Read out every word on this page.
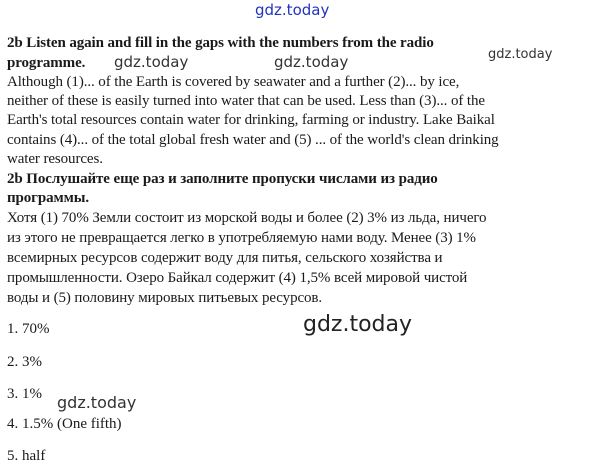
gdz.today
2b Listen again and fill in the gaps with the numbers from the radio
programme. gdz.today	gdz.today	gdz.today
Although (1)... of the Earth is covered by seawater and a further (2)... by ice,
neither of these is easily turned into water that can be used. Less than (3)... of the
Earth's total resources contain water for drinking, farming or industry. Lake Baikal
contains (4)... of the total global fresh water and (5) ... of the world's clean drinking
water resources.
2b Послушайте еще раз и заполните пропуски числами из радио
программы.
Хотя (1) 70% Земли состоит из морской воды и более (2) 3% из льда, ничего
из этого не превращается легко в употребляемую нами воду. Менее (3) 1%
всемирных ресурсов содержит воду для питья, сельского хозяйства и
промышленности. Озеро Байкал содержит (4) 1,5% всей мировой чистой
воды и (5) половину мировых питьевых ресурсов.
gdz.today
1. 70%
2. 3%
3. 1% gdz.today
4. 1.5% (One fifth)
5. half
